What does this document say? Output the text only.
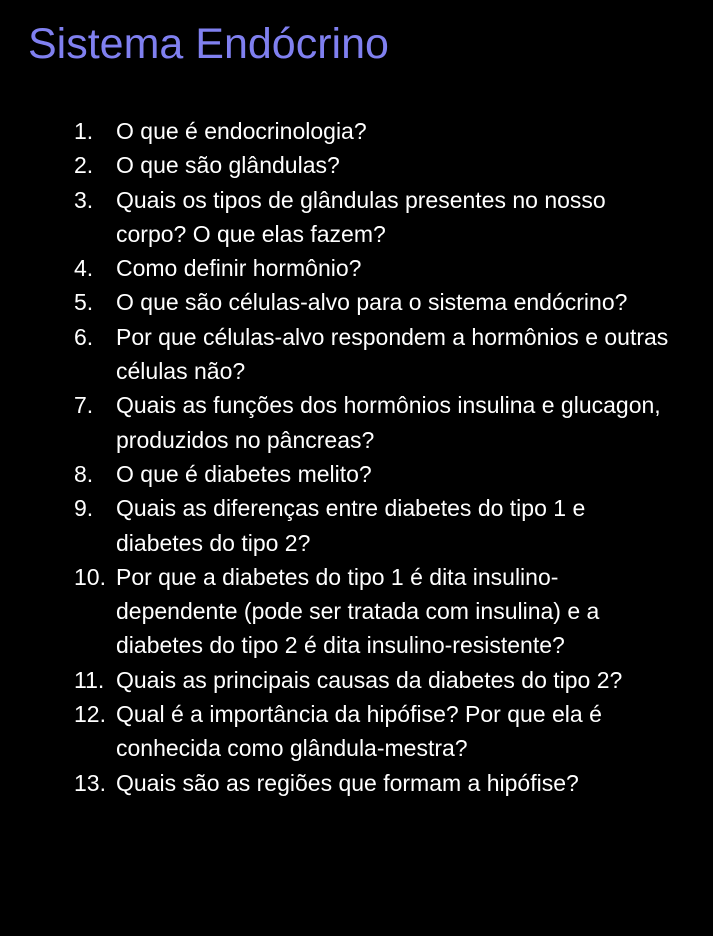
Sistema Endócrino
1. O que é endocrinologia?
2. O que são glândulas?
3. Quais os tipos de glândulas presentes no nosso corpo? O que elas fazem?
4. Como definir hormônio?
5. O que são células-alvo para o sistema endócrino?
6. Por que células-alvo respondem a hormônios e outras células não?
7. Quais as funções dos hormônios insulina e glucagon, produzidos no pâncreas?
8. O que é diabetes melito?
9. Quais as diferenças entre diabetes do tipo 1 e diabetes do tipo 2?
10. Por que a diabetes do tipo 1 é dita insulino-dependente (pode ser tratada com insulina) e a diabetes do tipo 2 é dita insulino-resistente?
11. Quais as principais causas da diabetes do tipo 2?
12. Qual é a importância da hipófise? Por que ela é conhecida como glândula-mestra?
13. Quais são as regiões que formam a hipófise?
